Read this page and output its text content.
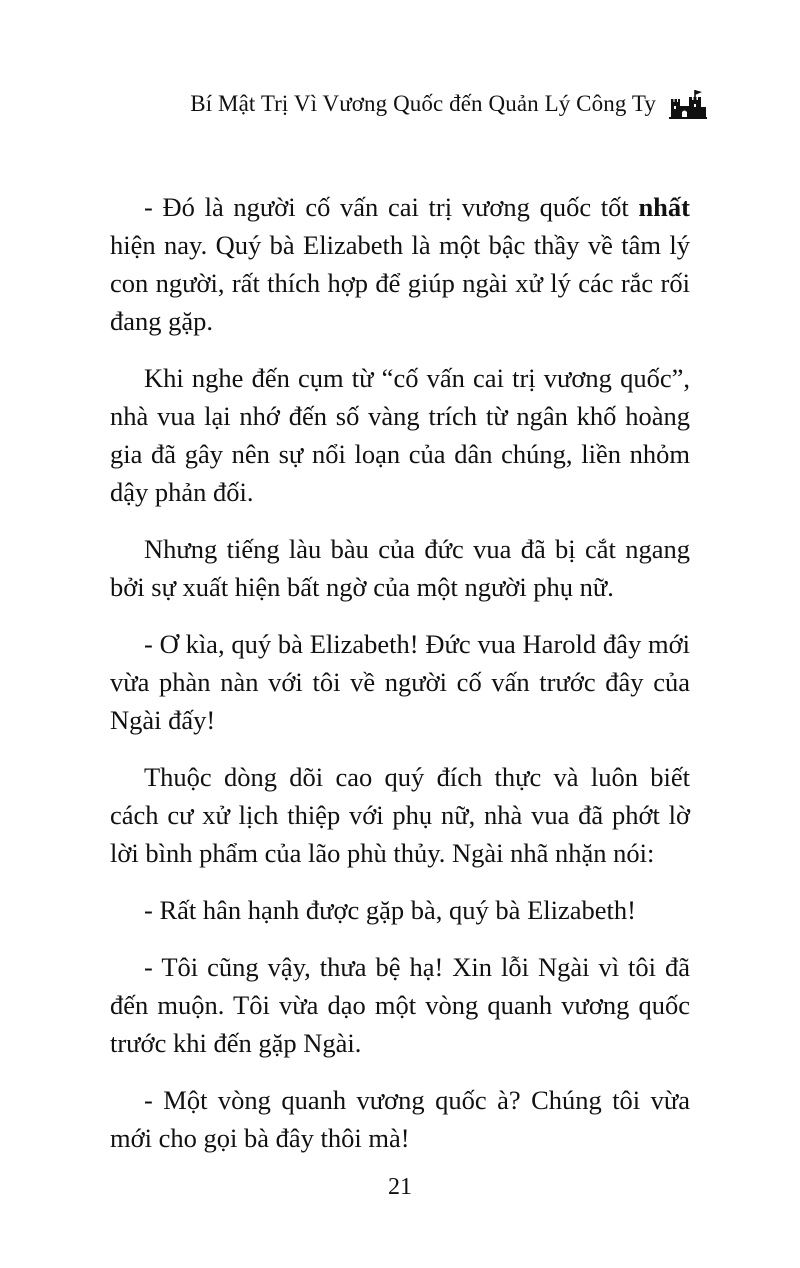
Bí Mật Trị Vì Vương Quốc đến Quản Lý Công Ty

- Đó là người cố vấn cai trị vương quốc tốt nhất hiện nay. Quý bà Elizabeth là một bậc thầy về tâm lý con người, rất thích hợp để giúp ngài xử lý các rắc rối đang gặp.

Khi nghe đến cụm từ “cố vấn cai trị vương quốc”, nhà vua lại nhớ đến số vàng trích từ ngân khố hoàng gia đã gây nên sự nổi loạn của dân chúng, liền nhỏm dậy phản đối.

Nhưng tiếng làu bàu của đức vua đã bị cắt ngang bởi sự xuất hiện bất ngờ của một người phụ nữ.

- Ơ kìa, quý bà Elizabeth! Đức vua Harold đây mới vừa phàn nàn với tôi về người cố vấn trước đây của Ngài đấy!

Thuộc dòng dõi cao quý đích thực và luôn biết cách cư xử lịch thiệp với phụ nữ, nhà vua đã phớt lờ lời bình phẩm của lão phù thủy. Ngài nhã nhặn nói:

- Rất hân hạnh được gặp bà, quý bà Elizabeth!

- Tôi cũng vậy, thưa bệ hạ! Xin lỗi Ngài vì tôi đã đến muộn. Tôi vừa dạo một vòng quanh vương quốc trước khi đến gặp Ngài.

- Một vòng quanh vương quốc à? Chúng tôi vừa mới cho gọi bà đây thôi mà!

21
